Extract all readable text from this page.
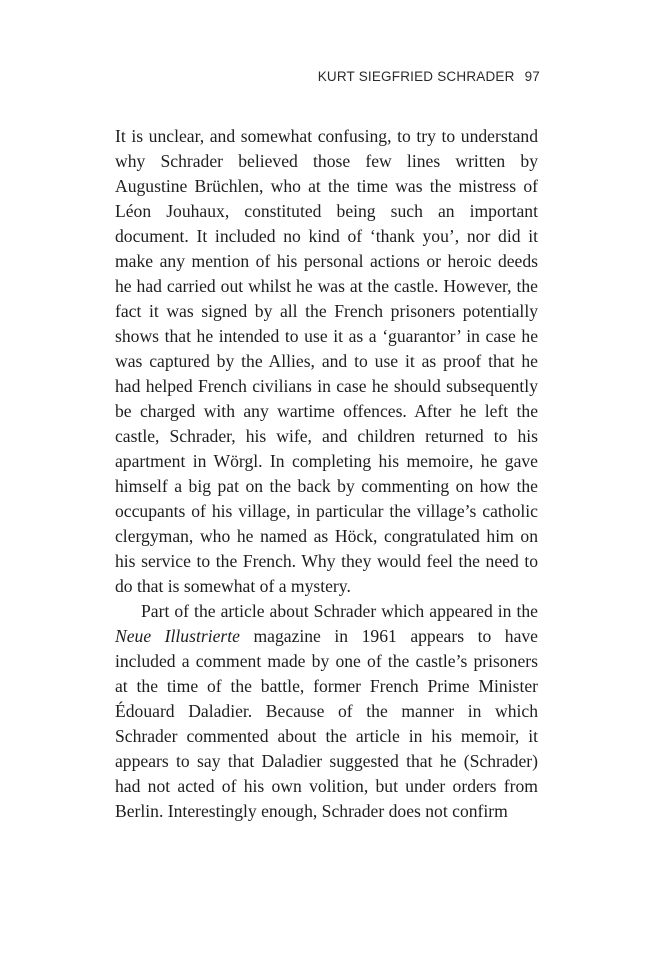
KURT SIEGFRIED SCHRADER 97

It is unclear, and somewhat confusing, to try to understand why Schrader believed those few lines written by Augustine Brüchlen, who at the time was the mistress of Léon Jouhaux, constituted being such an important document. It included no kind of ‘thank you’, nor did it make any mention of his personal actions or heroic deeds he had carried out whilst he was at the castle. However, the fact it was signed by all the French prisoners potentially shows that he intended to use it as a ‘guarantor’ in case he was captured by the Allies, and to use it as proof that he had helped French civilians in case he should subsequently be charged with any wartime offences. After he left the castle, Schrader, his wife, and children returned to his apartment in Wörgl. In completing his memoire, he gave himself a big pat on the back by commenting on how the occupants of his village, in particular the village’s catholic clergyman, who he named as Höck, congratulated him on his service to the French. Why they would feel the need to do that is somewhat of a mystery.

Part of the article about Schrader which appeared in the Neue Illustrierte magazine in 1961 appears to have included a comment made by one of the castle’s prisoners at the time of the battle, former French Prime Minister Édouard Daladier. Because of the manner in which Schrader commented about the article in his memoir, it appears to say that Daladier suggested that he (Schrader) had not acted of his own volition, but under orders from Berlin. Interestingly enough, Schrader does not confirm
